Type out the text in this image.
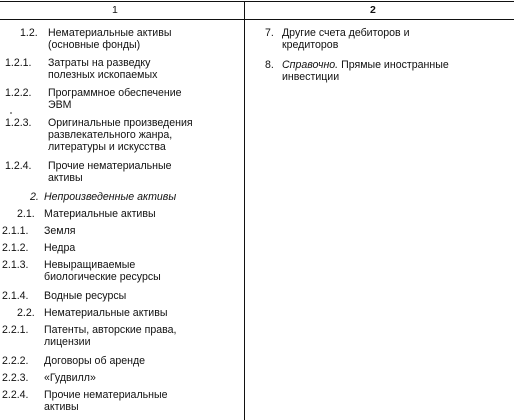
1	2
1.2. Нематериальные активы
(основные фонды)
1.2.1. Затраты на разведку
полезных ископаемых
1.2.2. Программное обеспечение
ЭВМ
1.2.3. Оригинальные произведения
развлекательного жанра,
литературы и искусства
1.2.4. Прочие нематериальные
активы
2. Непроизведенные активы
2.1. Материальные активы
2.1.1. Земля
2.1.2. Недра
2.1.3. Невыращиваемые
биологические ресурсы
2.1.4. Водные ресурсы
2.2. Нематериальные активы
2.2.1. Патенты, авторские права,
лицензии
2.2.2. Договоры об аренде
2.2.3. «Гудвилл»
2.2.4. Прочие нематериальные
активы
7. Другие счета дебиторов и
кредиторов
8. Справочно. Прямые иностранные
инвестиции
